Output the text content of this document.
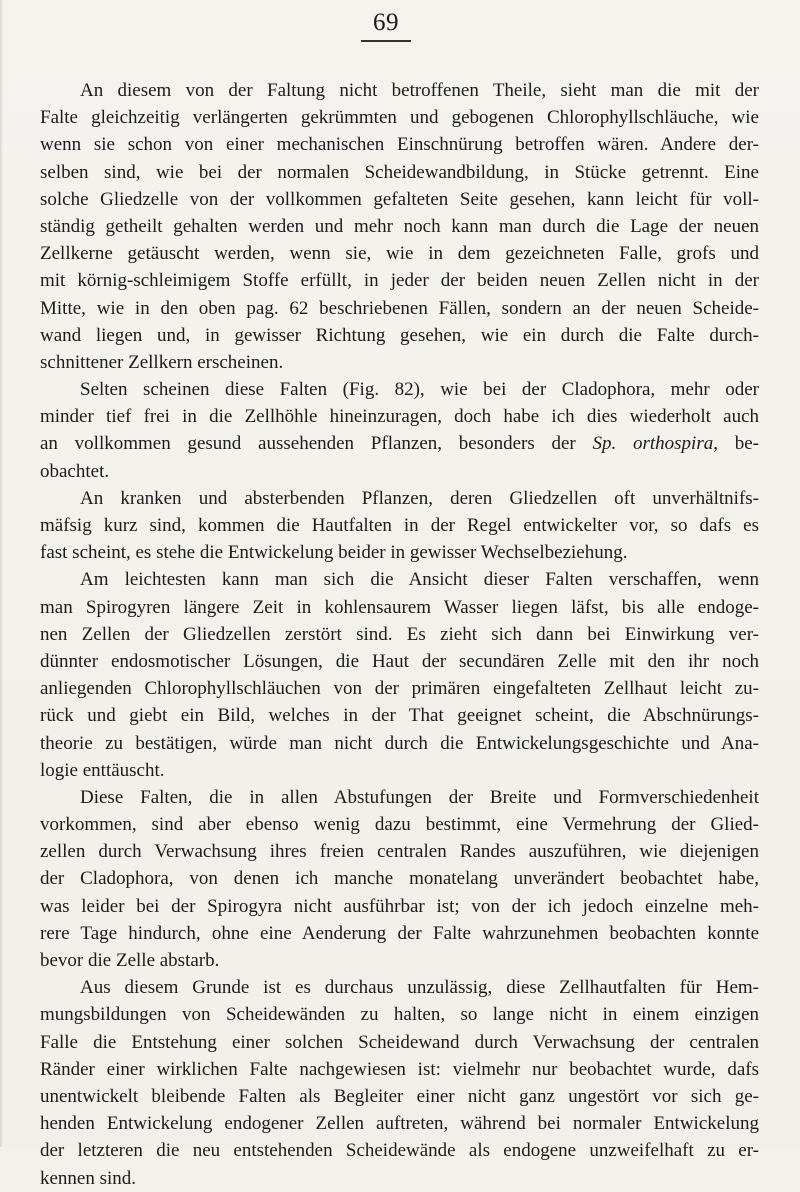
69
An diesem von der Faltung nicht betroffenen Theile, sieht man die mit der
Falte gleichzeitig verlängerten gekrümmten und gebogenen Chlorophyllschläuche, wie
wenn sie schon von einer mechanischen Einschnürung betroffen wären. Andere der-
selben sind, wie bei der normalen Scheidewandbildung, in Stücke getrennt. Eine
solche Gliedzelle von der vollkommen gefalteten Seite gesehen, kann leicht für voll-
ständig getheilt gehalten werden und mehr noch kann man durch die Lage der neuen
Zellkerne getäuscht werden, wenn sie, wie in dem gezeichneten Falle, grofs und
mit körnig-schleimigem Stoffe erfüllt, in jeder der beiden neuen Zellen nicht in der
Mitte, wie in den oben pag. 62 beschriebenen Fällen, sondern an der neuen Scheide-
wand liegen und, in gewisser Richtung gesehen, wie ein durch die Falte durch-
schnittener Zellkern erscheinen.
Selten scheinen diese Falten (Fig. 82), wie bei der Cladophora, mehr oder
minder tief frei in die Zellhöhle hineinzuragen, doch habe ich dies wiederholt auch
an vollkommen gesund aussehenden Pflanzen, besonders der Sp. orthospira, be-
obachtet.
An kranken und absterbenden Pflanzen, deren Gliedzellen oft unverhältnifs-
mäfsig kurz sind, kommen die Hautfalten in der Regel entwickelter vor, so dafs es
fast scheint, es stehe die Entwickelung beider in gewisser Wechselbeziehung.
Am leichtesten kann man sich die Ansicht dieser Falten verschaffen, wenn
man Spirogyren längere Zeit in kohlensaurem Wasser liegen läfst, bis alle endoge-
nen Zellen der Gliedzellen zerstört sind. Es zieht sich dann bei Einwirkung ver-
dünnter endosmotischer Lösungen, die Haut der secundären Zelle mit den ihr noch
anliegenden Chlorophyllschläuchen von der primären eingefalteten Zellhaut leicht zu-
rück und giebt ein Bild, welches in der That geeignet scheint, die Abschnürungs-
theorie zu bestätigen, würde man nicht durch die Entwickelungsgeschichte und Ana-
logie enttäuscht.
Diese Falten, die in allen Abstufungen der Breite und Formverschiedenheit
vorkommen, sind aber ebenso wenig dazu bestimmt, eine Vermehrung der Glied-
zellen durch Verwachsung ihres freien centralen Randes auszuführen, wie diejenigen
der Cladophora, von denen ich manche monatelang unverändert beobachtet habe,
was leider bei der Spirogyra nicht ausführbar ist; von der ich jedoch einzelne meh-
rere Tage hindurch, ohne eine Aenderung der Falte wahrzunehmen beobachten konnte
bevor die Zelle abstarb.
Aus diesem Grunde ist es durchaus unzulässig, diese Zellhautfalten für Hem-
mungsbildungen von Scheidewänden zu halten, so lange nicht in einem einzigen
Falle die Entstehung einer solchen Scheidewand durch Verwachsung der centralen
Ränder einer wirklichen Falte nachgewiesen ist: vielmehr nur beobachtet wurde, dafs
unentwickelt bleibende Falten als Begleiter einer nicht ganz ungestört vor sich ge-
henden Entwickelung endogener Zellen auftreten, während bei normaler Entwickelung
der letzteren die neu entstehenden Scheidewände als endogene unzweifelhaft zu er-
kennen sind.
